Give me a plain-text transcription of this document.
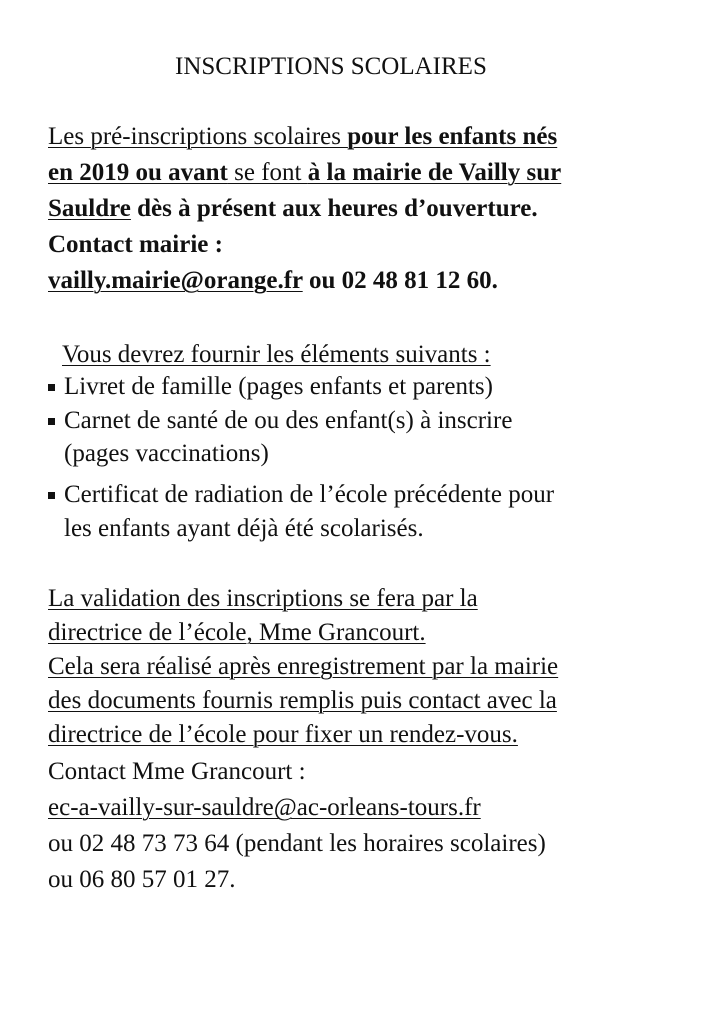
INSCRIPTIONS SCOLAIRES
Les pré-inscriptions scolaires pour les enfants nés
en 2019 ou avant se font à la mairie de Vailly sur
Sauldre dès à présent aux heures d’ouverture.
Contact mairie :
vailly.mairie@orange.fr ou 02 48 81 12 60.
Vous devrez fournir les éléments suivants :
Livret de famille (pages enfants et parents)
Carnet de santé de ou des enfant(s) à inscrire
(pages vaccinations)
Certificat de radiation de l’école précédente pour
les enfants ayant déjà été scolarisés.
La validation des inscriptions se fera par la
directrice de l’école, Mme Grancourt.
Cela sera réalisé après enregistrement par la mairie
des documents fournis remplis puis contact avec la
directrice de l’école pour fixer un rendez-vous.
Contact Mme Grancourt :
ec-a-vailly-sur-sauldre@ac-orleans-tours.fr
ou 02 48 73 73 64 (pendant les horaires scolaires)
ou 06 80 57 01 27.
